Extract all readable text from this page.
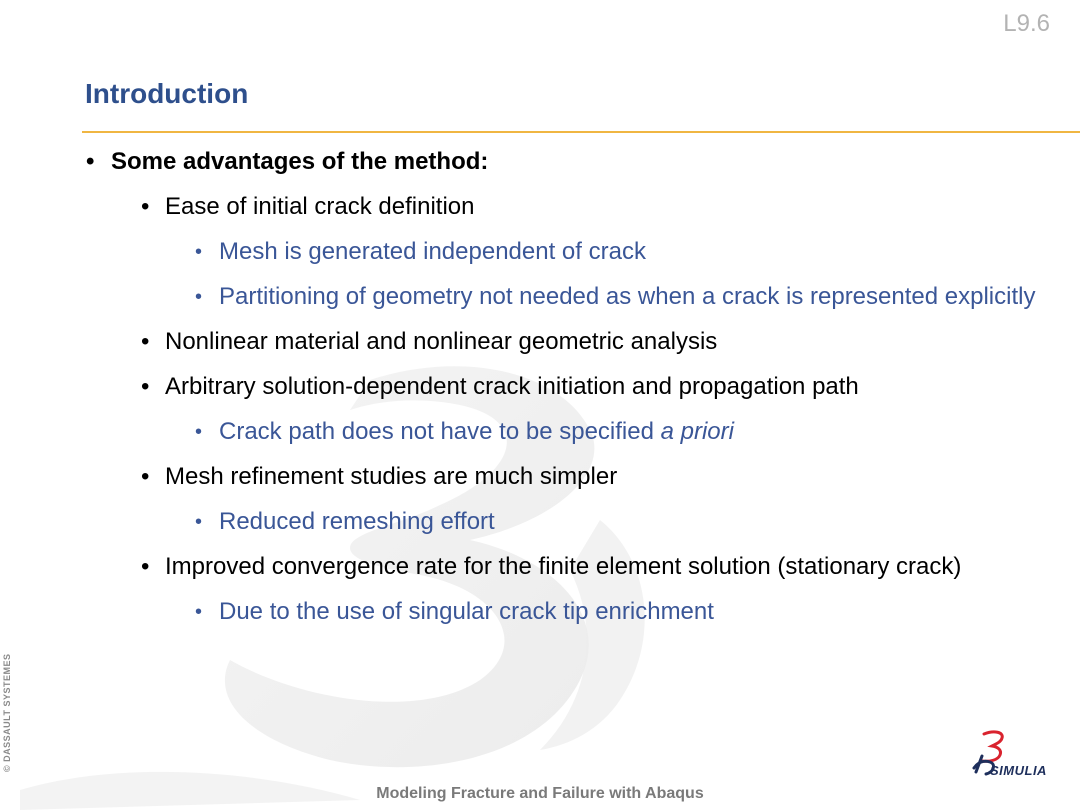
L9.6
Introduction
• Some advantages of the method:
• Ease of initial crack definition
• Mesh is generated independent of crack
• Partitioning of geometry not needed as when a crack is represented explicitly
• Nonlinear material and nonlinear geometric analysis
• Arbitrary solution-dependent crack initiation and propagation path
• Crack path does not have to be specified a priori
• Mesh refinement studies are much simpler
• Reduced remeshing effort
• Improved convergence rate for the finite element solution (stationary crack)
• Due to the use of singular crack tip enrichment
© DASSAULT SYSTEMES
Modeling Fracture and Failure with Abaqus
SIMULIA
